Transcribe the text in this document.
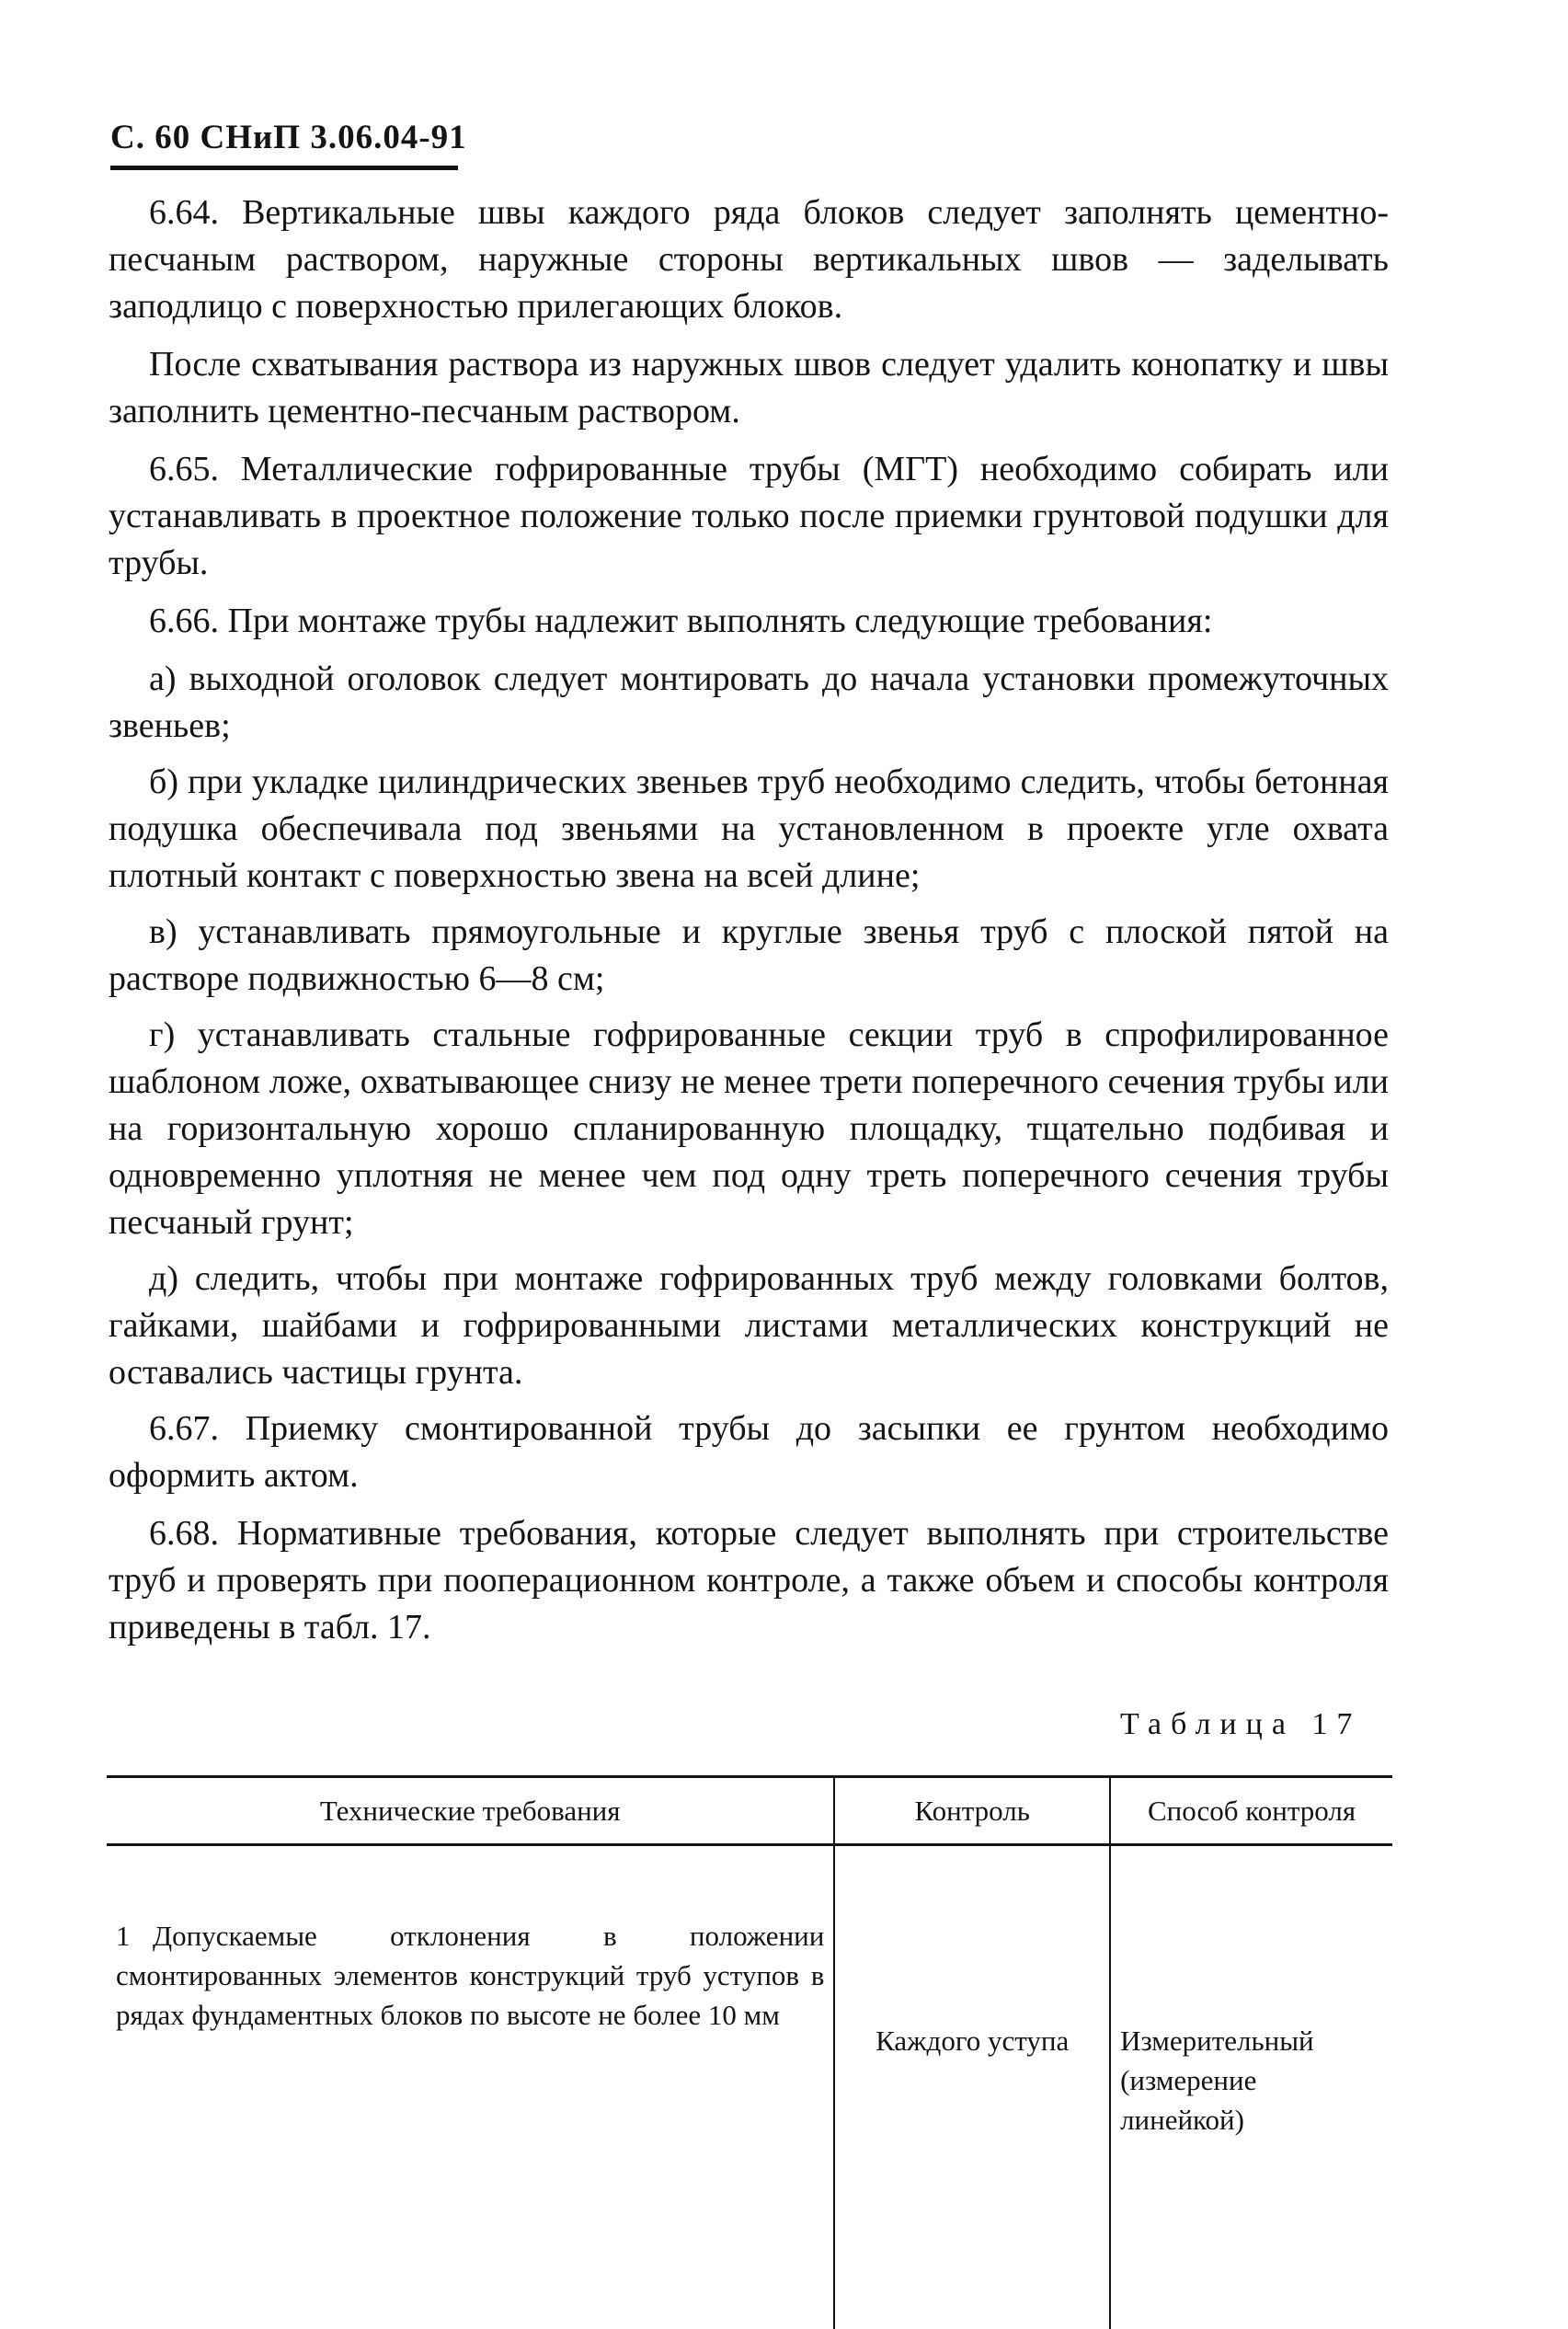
С. 60 СНиП 3.06.04-91

6.64. Вертикальные швы каждого ряда блоков следует заполнять цементно-песчаным раствором, наружные стороны вертикальных швов — заделывать заподлицо с поверхностью прилегающих блоков.

После схватывания раствора из наружных швов следует удалить конопатку и швы заполнить цементно-песчаным раствором.

6.65. Металлические гофрированные трубы (МГТ) необходимо собирать или устанавливать в проектное положение только после приемки грунтовой подушки для трубы.

6.66. При монтаже трубы надлежит выполнять следующие требования:

а) выходной оголовок следует монтировать до начала установки промежуточных звеньев;

б) при укладке цилиндрических звеньев труб необходимо следить, чтобы бетонная подушка обеспечивала под звеньями на установленном в проекте угле охвата плотный контакт с поверхностью звена на всей длине;

в) устанавливать прямоугольные и круглые звенья труб с плоской пятой на растворе подвижностью 6—8 см;

г) устанавливать стальные гофрированные секции труб в спрофилированное шаблоном ложе, охватывающее снизу не менее трети поперечного сечения трубы или на горизонтальную хорошо спланированную площадку, тщательно подбивая и одновременно уплотняя не менее чем под одну треть поперечного сечения трубы песчаный грунт;

д) следить, чтобы при монтаже гофрированных труб между головками болтов, гайками, шайбами и гофрированными листами металлических конструкций не оставались частицы грунта.

6.67. Приемку смонтированной трубы до засыпки ее грунтом необходимо оформить актом.

6.68. Нормативные требования, которые следует выполнять при строительстве труб и проверять при пооперационном контроле, а также объем и способы контроля приведены в табл. 17.

Таблица 17
Технические требования	Контроль	Способ контроля
1 Допускаемые отклонения в положении смонтированных элементов конструкций труб уступов в рядах фундаментных блоков по высоте не более 10 мм	Каждого уступа	Измерительный (измерение линейкой)
